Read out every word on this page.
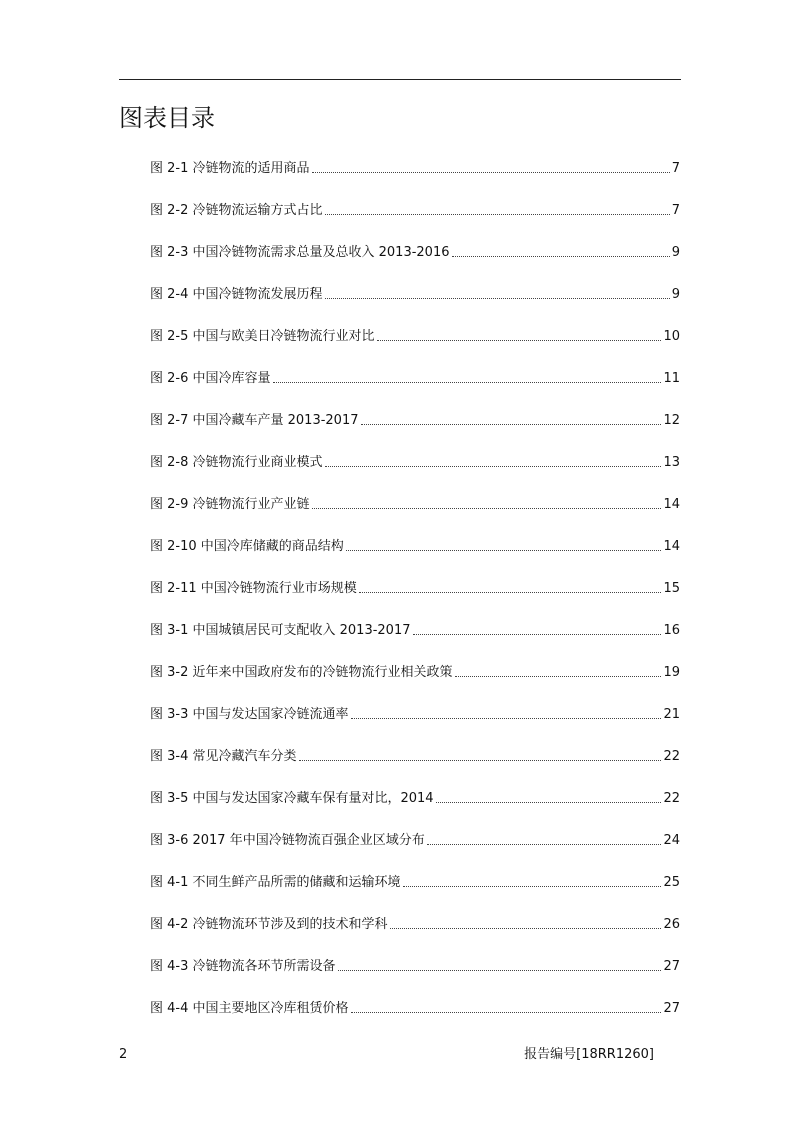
图表目录
图 2-1 冷链物流的适用商品	7
图 2-2 冷链物流运输方式占比	7
图 2-3 中国冷链物流需求总量及总收入 2013-2016	9
图 2-4 中国冷链物流发展历程	9
图 2-5 中国与欧美日冷链物流行业对比	10
图 2-6 中国冷库容量	11
图 2-7 中国冷藏车产量 2013-2017	12
图 2-8 冷链物流行业商业模式	13
图 2-9 冷链物流行业产业链	14
图 2-10 中国冷库储藏的商品结构	14
图 2-11 中国冷链物流行业市场规模	15
图 3-1 中国城镇居民可支配收入 2013-2017	16
图 3-2 近年来中国政府发布的冷链物流行业相关政策	19
图 3-3 中国与发达国家冷链流通率	21
图 3-4 常见冷藏汽车分类	22
图 3-5 中国与发达国家冷藏车保有量对比，2014	22
图 3-6 2017 年中国冷链物流百强企业区域分布	24
图 4-1 不同生鲜产品所需的储藏和运输环境	25
图 4-2 冷链物流环节涉及到的技术和学科	26
图 4-3 冷链物流各环节所需设备	27
图 4-4 中国主要地区冷库租赁价格	27
2	报告编号[18RR1260]
